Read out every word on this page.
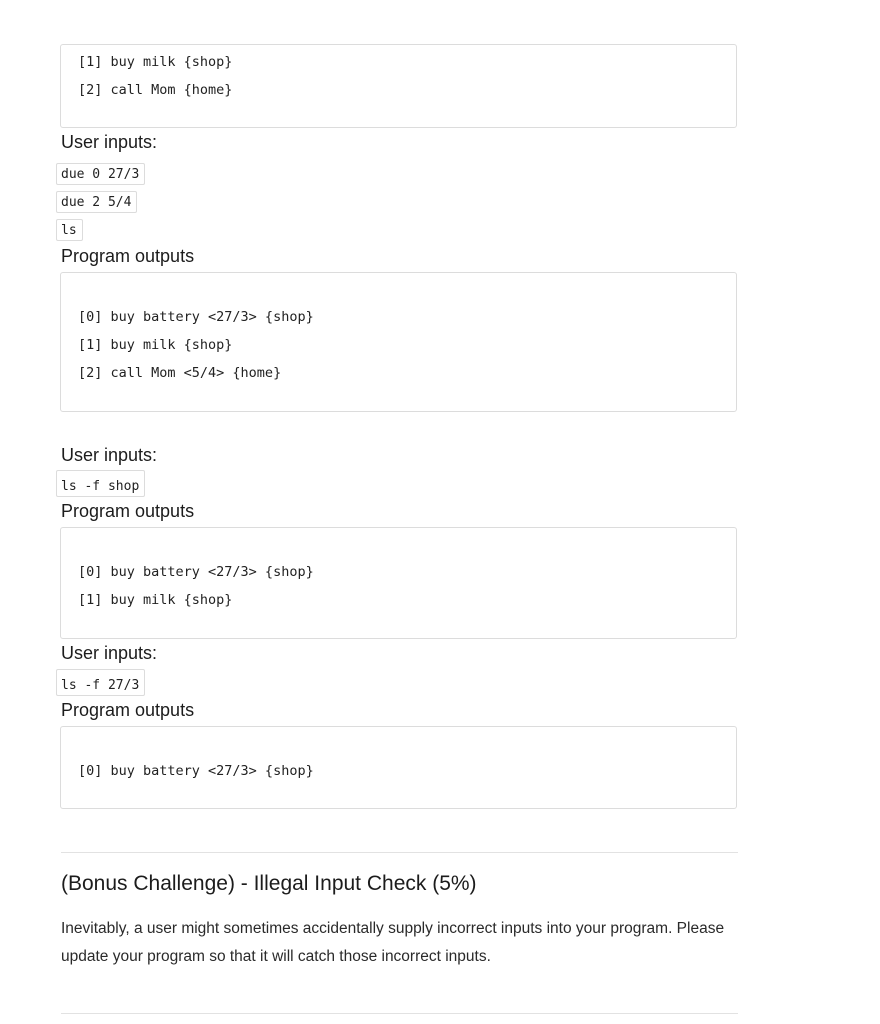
[1] buy milk {shop}
[2] call Mom {home}
User inputs:
due 0 27/3
due 2 5/4
ls
Program outputs
[0] buy battery <27/3> {shop}
[1] buy milk {shop}
[2] call Mom <5/4> {home}
User inputs:
ls -f shop
Program outputs
[0] buy battery <27/3> {shop}
[1] buy milk {shop}
User inputs:
ls -f 27/3
Program outputs
[0] buy battery <27/3> {shop}
(Bonus Challenge) - Illegal Input Check (5%)
Inevitably, a user might sometimes accidentally supply incorrect inputs into your program. Please update your program so that it will catch those incorrect inputs.
